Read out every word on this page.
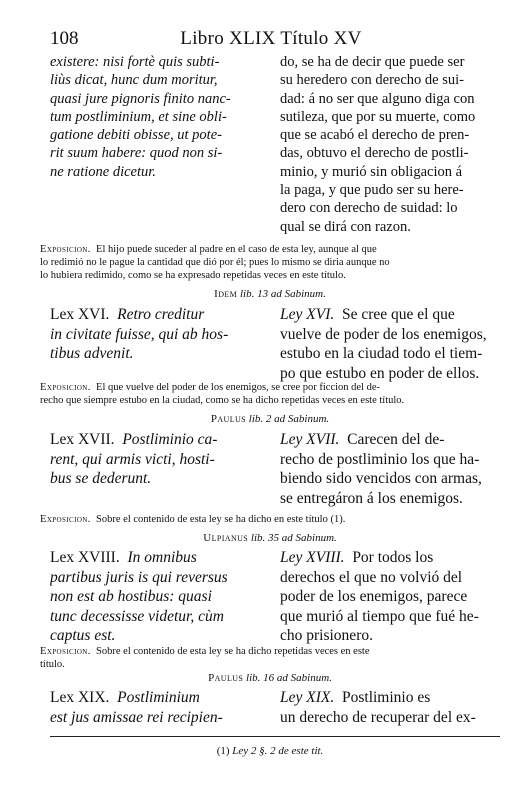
108	Libro XLIX Título XV
existere: nisi fortè quis subti-
liùs dicat, hunc dum moritur,
quasi jure pignoris finito nanc-
tum postliminium, et sine obli-
gatione debiti obisse, ut pote-
rit suum habere: quod non si-
ne ratione dicetur.
do, se ha de decir que puede ser
su heredero con derecho de sui-
dad: á no ser que alguno diga con
sutileza, que por su muerte, como
que se acabó el derecho de pren-
das, obtuvo el derecho de postli-
minio, y murió sin obligacion á
la paga, y que pudo ser su here-
dero con derecho de suidad: lo
qual se dirá con razon.
Exposicion. El hijo puede suceder al padre en el caso de esta ley, aunque al que
lo redimió no le pague la cantidad que dió por él; pues lo mismo se diria aunque no
lo hubiera redimido, como se ha expresado repetidas veces en este título.
Idem lib. 13 ad Sabinum.
Lex XVI. Retro creditur
in civitate fuisse, qui ab hos-
tibus advenit.
Ley XVI. Se cree que el que
vuelve de poder de los enemigos,
estubo en la ciudad todo el tiem-
po que estubo en poder de ellos.
Exposicion. El que vuelve del poder de los enemigos, se cree por ficcion del de-
recho que siempre estubo en la ciudad, como se ha dicho repetidas veces en este título.
Paulus lib. 2 ad Sabinum.
Lex XVII. Postliminio ca-
rent, qui armis victi, hosti-
bus se dederunt.
Ley XVII. Carecen del de-
recho de postliminio los que ha-
biendo sido vencidos con armas,
se entregáron á los enemigos.
Exposicion. Sobre el contenido de esta ley se ha dicho en este título (1).
Ulpianus lib. 35 ad Sabinum.
Lex XVIII. In omnibus
partibus juris is qui reversus
non est ab hostibus: quasi
tunc decessisse videtur, cùm
captus est.
Ley XVIII. Por todos los
derechos el que no volvió del
poder de los enemigos, parece
que murió al tiempo que fué he-
cho prisionero.
Exposicion. Sobre el contenido de esta ley se ha dicho repetidas veces en este
título.
Paulus lib. 16 ad Sabinum.
Lex XIX. Postliminium
est jus amissae rei recipien-
Ley XIX. Postliminio es
un derecho de recuperar del ex-
(1) Ley 2 §. 2 de este tit.
